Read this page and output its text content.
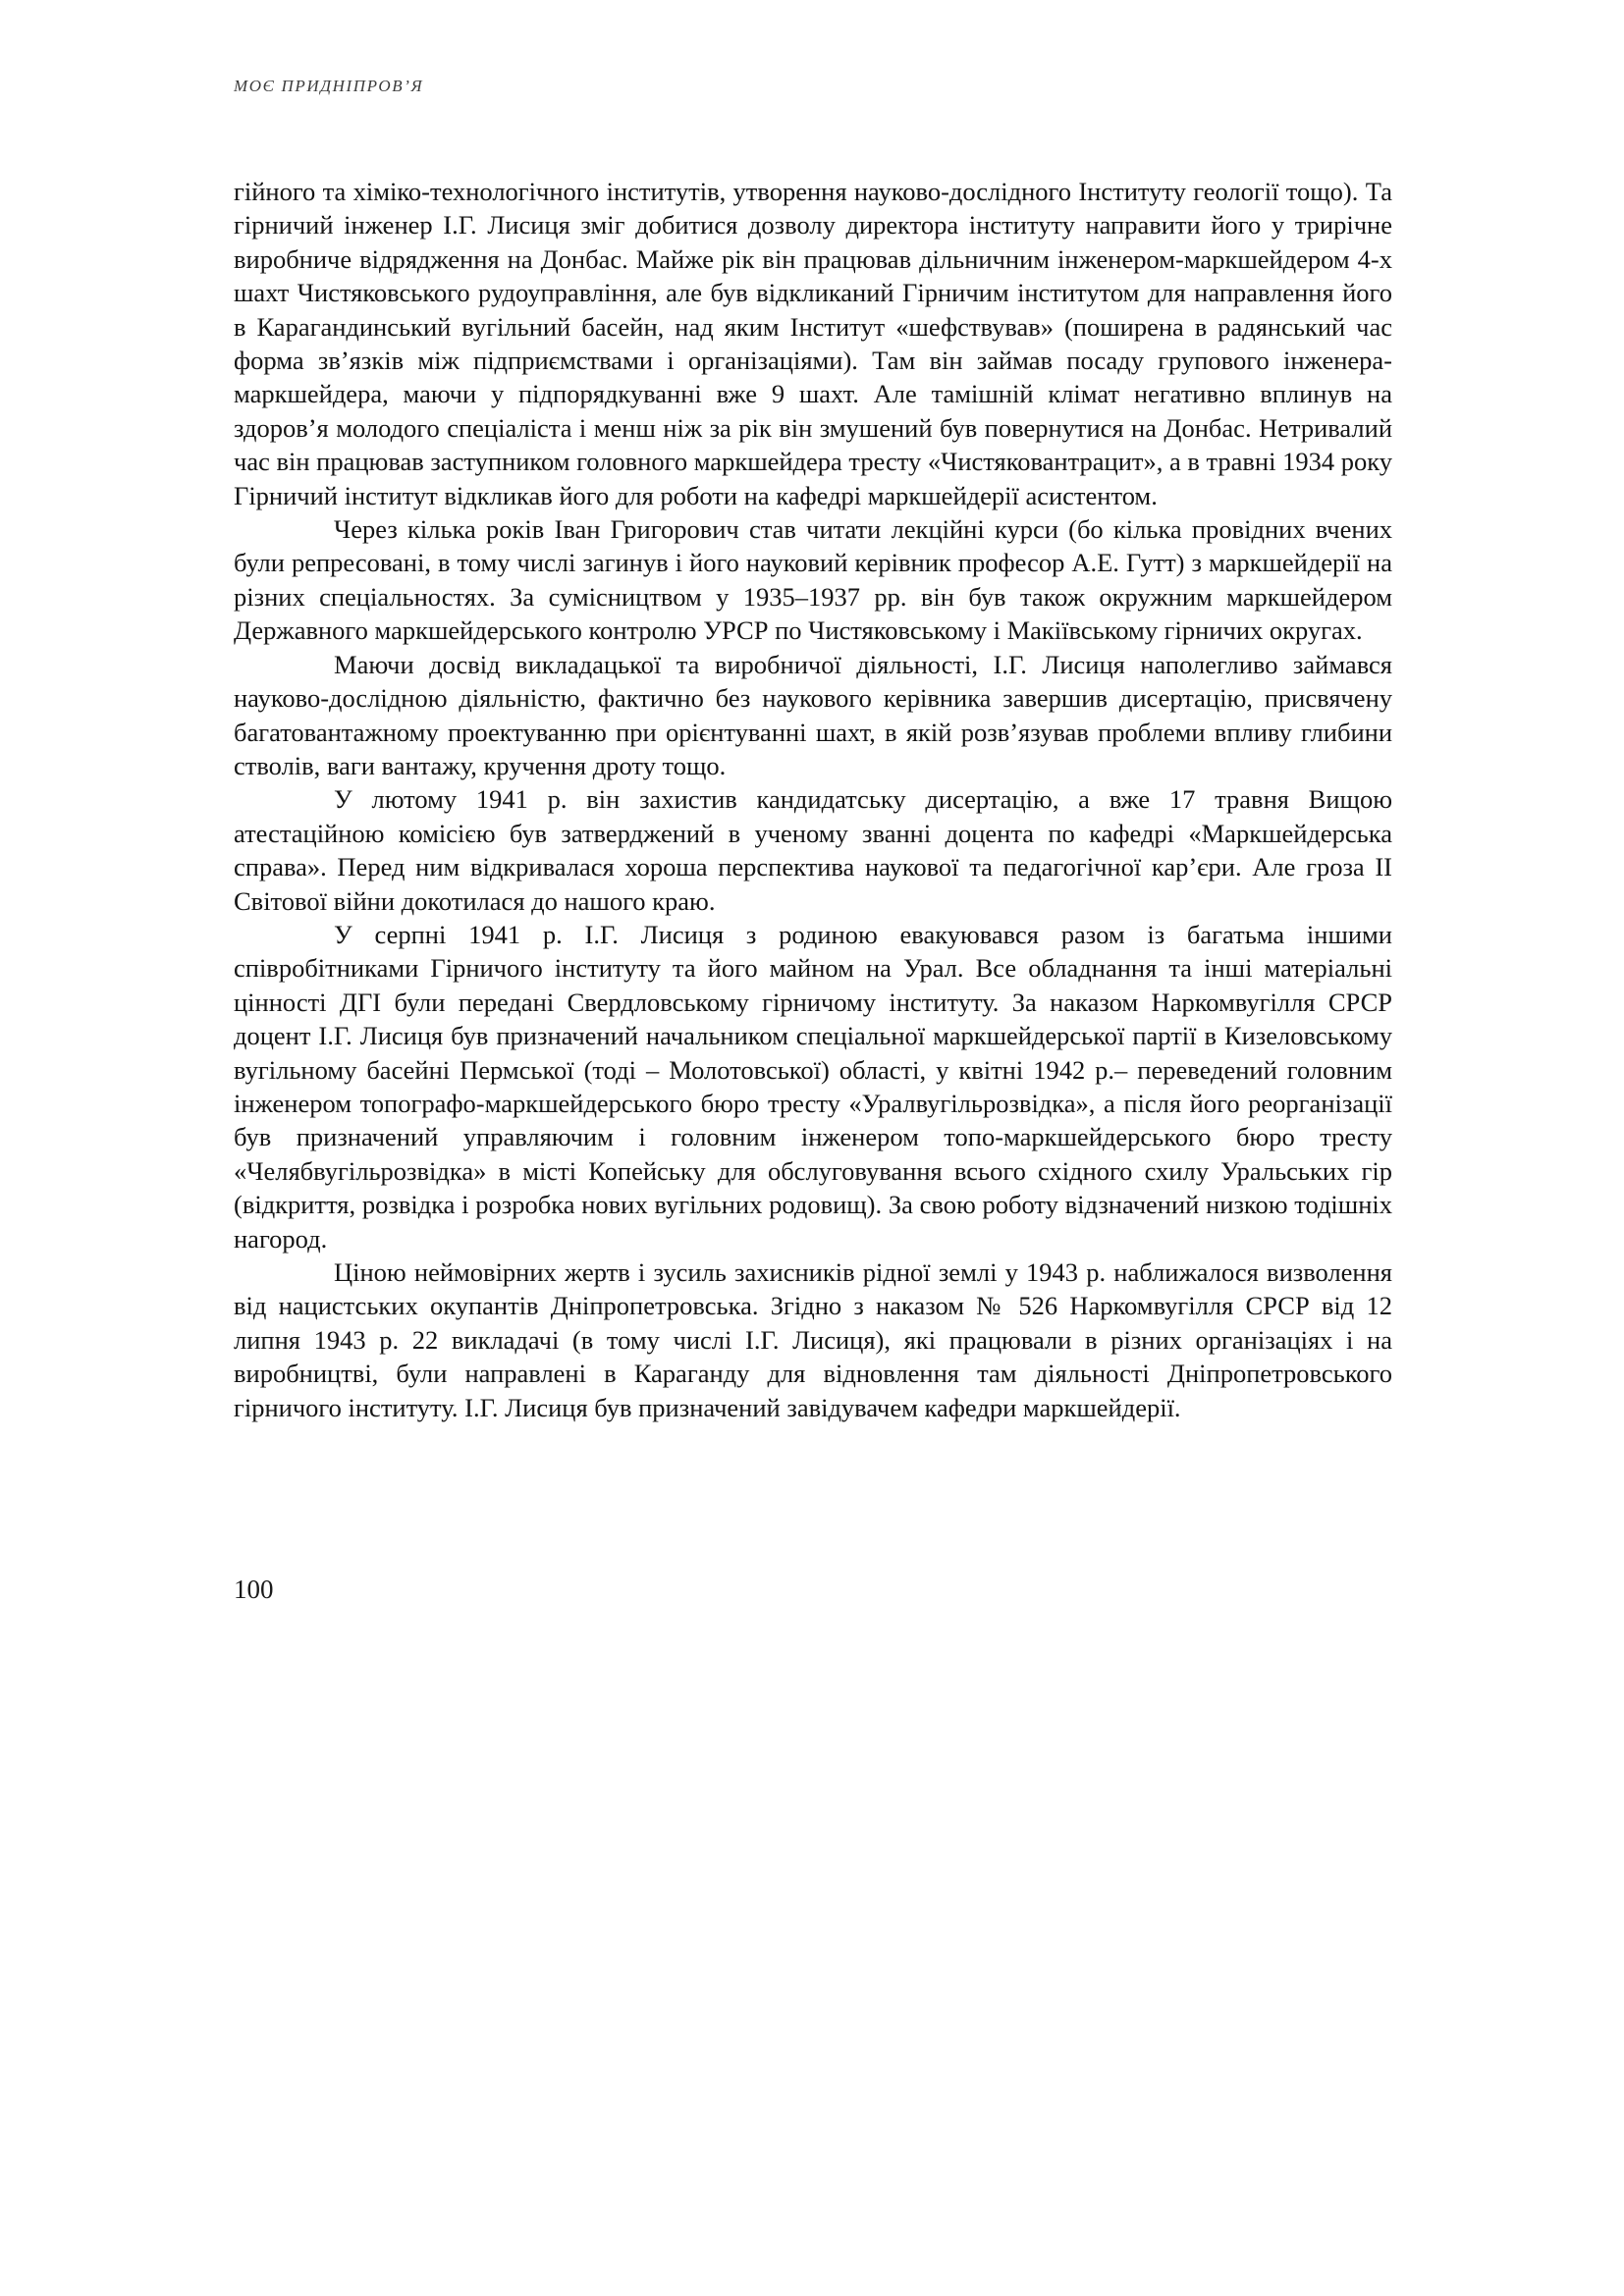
МОЄ ПРИДНІПРОВ’Я

гійного та хіміко-технологічного інститутів, утворення науково-дослідного Інституту геології тощо). Та гірничий інженер І.Г. Лисиця зміг добитися дозволу директора інституту направити його у трирічне виробниче відрядження на Донбас. Майже рік він працював дільничним інженером-маркшейдером 4-х шахт Чистяковського рудоуправління, але був відкликаний Гірничим інститутом для направлення його в Карагандинський вугільний басейн, над яким Інститут «шефствував» (поширена в радянський час форма зв’язків між підприємствами і організаціями). Там він займав посаду групового інженера-маркшейдера, маючи у підпорядкуванні вже 9 шахт. Але тамішній клімат негативно вплинув на здоров’я молодого спеціаліста і менш ніж за рік він змушений був повернутися на Донбас. Нетривалий час він працював заступником головного маркшейдера тресту «Чистяковантрацит», а в травні 1934 року Гірничий інститут відкликав його для роботи на кафедрі маркшейдерії асистентом.

Через кілька років Іван Григорович став читати лекційні курси (бо кілька провідних вчених були репресовані, в тому числі загинув і його науковий керівник професор А.Е. Гутт) з маркшейдерії на різних спеціальностях. За сумісництвом у 1935–1937 рр. він був також окружним маркшейдером Державного маркшейдерського контролю УРСР по Чистяковському і Макіївському гірничих округах.

Маючи досвід викладацької та виробничої діяльності, І.Г. Лисиця наполегливо займався науково-дослідною діяльністю, фактично без наукового керівника завершив дисертацію, присвячену багатовантажному проектуванню при орієнтуванні шахт, в якій розв’язував проблеми впливу глибини стволів, ваги вантажу, кручення дроту тощо.

У лютому 1941 р. він захистив кандидатську дисертацію, а вже 17 травня Вищою атестаційною комісією був затверджений в ученому званні доцента по кафедрі «Маркшейдерська справа». Перед ним відкривалася хороша перспектива наукової та педагогічної кар’єри. Але гроза ІІ Світової війни докотилася до нашого краю.

У серпні 1941 р. І.Г. Лисиця з родиною евакуювався разом із багатьма іншими співробітниками Гірничого інституту та його майном на Урал. Все обладнання та інші матеріальні цінності ДГІ були передані Свердловському гірничому інституту. За наказом Наркомвугілля СРСР доцент І.Г. Лисиця був призначений начальником спеціальної маркшейдерської партії в Кизеловському вугільному басейні Пермської (тоді – Молотовської) області, у квітні 1942 р.– переведений головним інженером топографо-маркшейдерського бюро тресту «Уралвугільрозвідка», а після його реорганізації був призначений управляючим і головним інженером топо-маркшейдерського бюро тресту «Челябвугільрозвідка» в місті Копейську для обслуговування всього східного схилу Уральських гір (відкриття, розвідка і розробка нових вугільних родовищ). За свою роботу відзначений низкою тодішніх нагород.

Ціною неймовірних жертв і зусиль захисників рідної землі у 1943 р. наближалося визволення від нацистських окупантів Дніпропетровська. Згідно з наказом № 526 Наркомвугілля СРСР від 12 липня 1943 р. 22 викладачі (в тому числі І.Г. Лисиця), які працювали в різних організаціях і на виробництві, були направлені в Караганду для відновлення там діяльності Дніпропетровського гірничого інституту. І.Г. Лисиця був призначений завідувачем кафедри маркшейдерії.

100
